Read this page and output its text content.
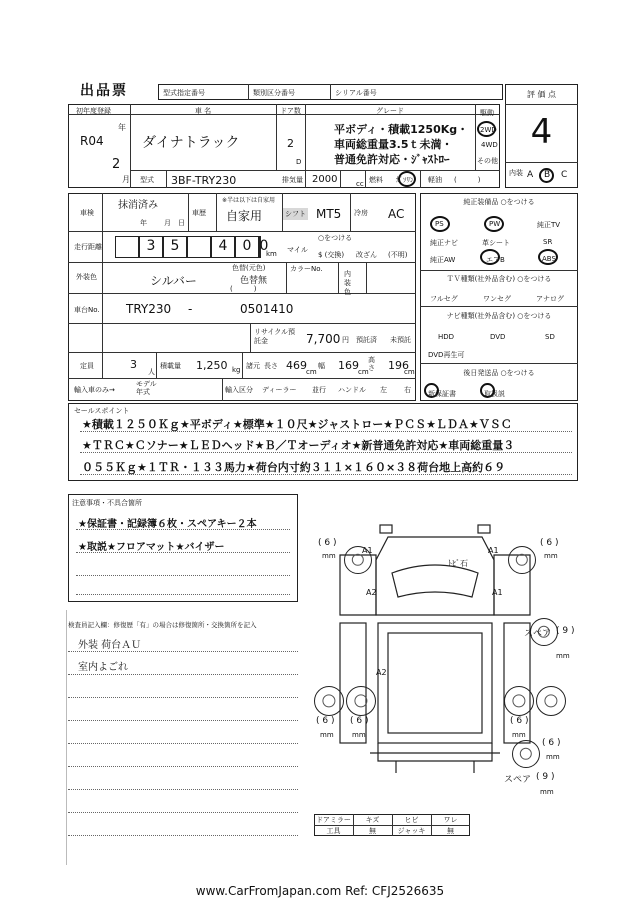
出品票	型式指定番号	類別区分番号	シリアル番号	評 価 点
4
内装 A B C
初年度登録
年
R04
2
月
車 名
ダイナトラック
ドア数
2
D
グレード
平ボディ・積載1250Kg・
車両総重量3.5ｔ未満・
普通免許対応・ｼﾞｬｽﾄﾛｰ
駆動
2WD
4WD
その他
型式 3BF-TRY230	排気量 2000	cc 燃料 ｶﾞｿﾘﾝ 軽油 (　　　)
車検
抹消済み
年 月 日
車歴
※半は以下は自家用
自家用	シフト MT5 冷房 AC
走行距離	3	5	4	0 0
km
○をつける
マイル
$ (交換) 改ざん (不明)
外装色	シルバー
色替(元色)
色替無
(　　　)
カラーNo.
内装色
車台No. TRY230 -	0501410
リサイクル預託金	7,700 円 預託済 未預託
定員	3
人
積載量 1,250 kg 諸元 長さ 469 cm
幅 169 cm
高さ 196
cm
輸入車のみ→
モデル年式	輸入区分 ディーラー 並行 ハンドル 左 右
純正装備品 ○をつける
PS	PW	純正TV
純正ナビ	革シート	SR
純正AW	エアB	ABS
ＴＶ種類(社外品含む) ○をつける
フルセグ	ワンセグ	アナログ
ナビ種類(社外品含む) ○をつける
HDD	DVD	SD
DVD再生可
後日発送品 ○をつける
新保証書	取扱説
セールスポイント
★積載１２５０Ｋｇ★平ボディ★標準★１０尺★ジャストロー★ＰＣＳ★ＬＤＡ★ＶＳＣ
★ＴＲＣ★Ｃソナー★ＬＥＤヘッド★Ｂ／Ｔオーディオ★新普通免許対応★車両総重量３
０５５Ｋｇ★１ＴＲ・１３３馬力★荷台内寸約３１１×１６０×３８荷台地上高約６９
注意事項・不具合箇所
★保証書・記録簿６枚・スペアキー２本
★取説★フロアマット★バイザー
検査員記入欄：修復歴「有」の場合は修復箇所・交換箇所を記入
外装 荷台ＡＵ
室内よごれ
A1	A1
A2	A1
A2
ﾄﾋﾞ石
( 6 )
mm
( 6 )
mm
( 6 )
mm
( 6 )
mm
( 6 )
mm
( 6 )
mm
スペア ( 9 )
mm
スペア ( 9 )
mm
ドアミラー	キズ	ヒビ	ワレ
工具	無	ジャッキ	無
www.CarFromJapan.com Ref: CFJ2526635
